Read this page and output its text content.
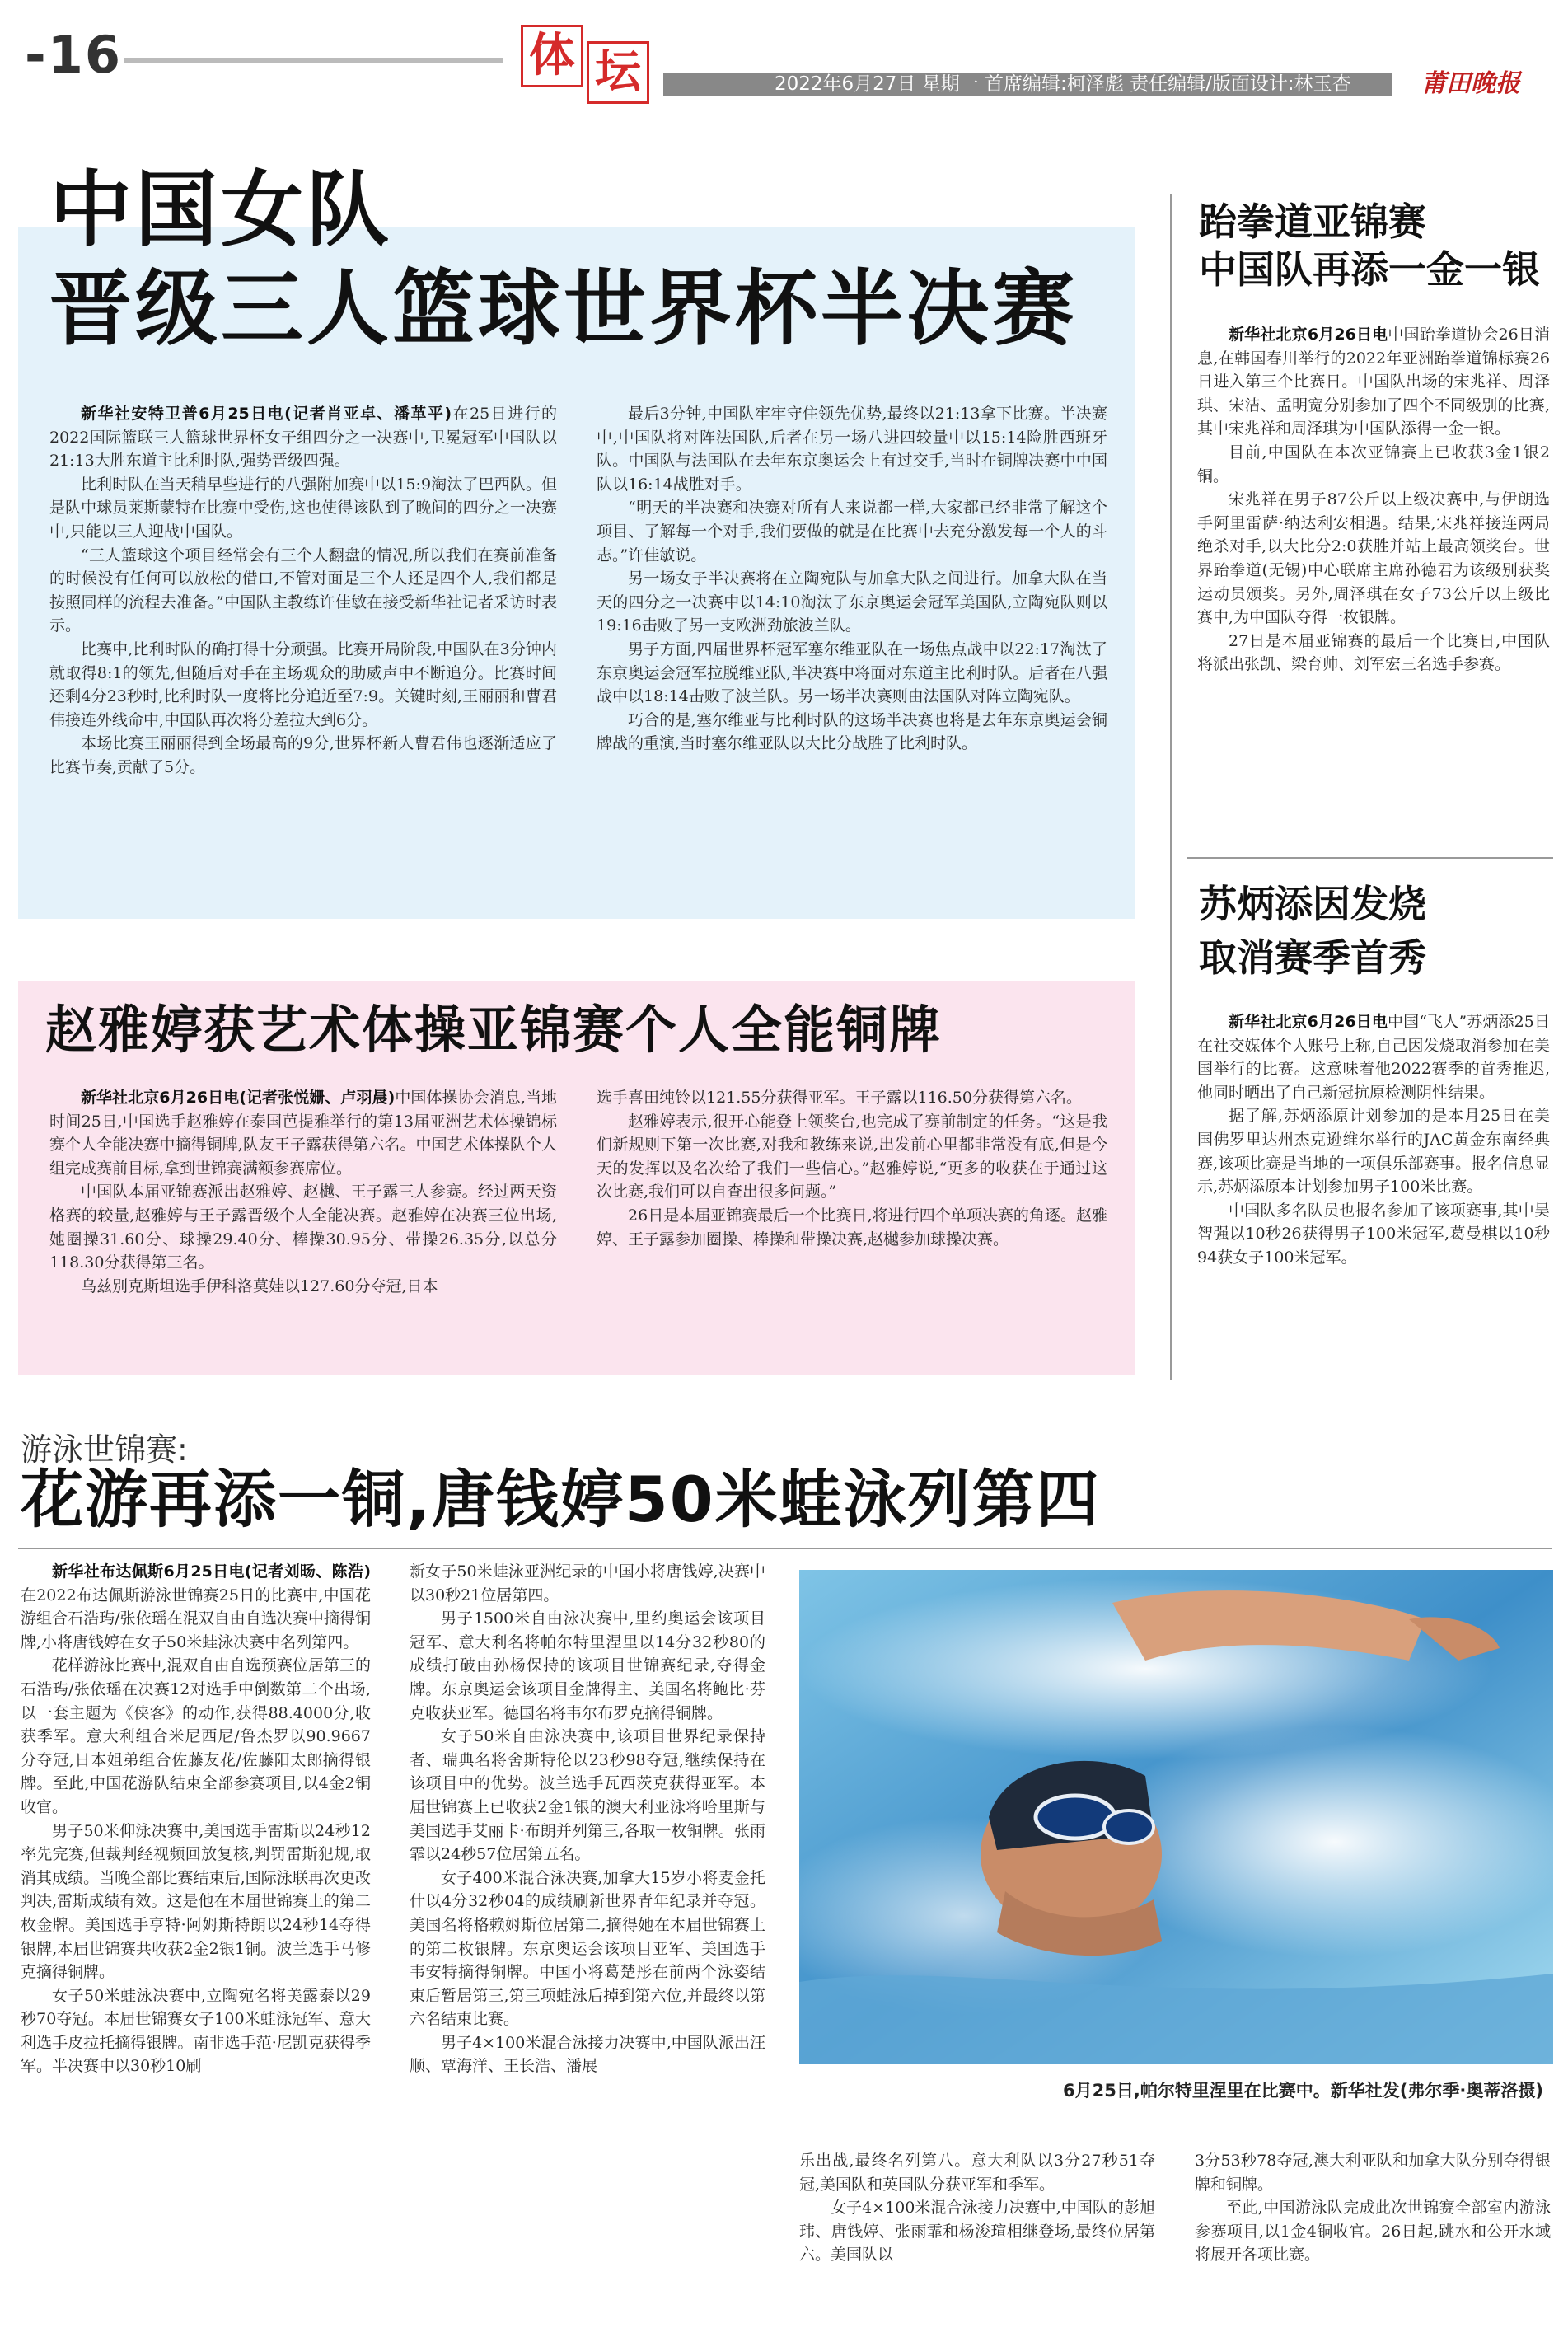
-16	体 坛	2022年6月27日 星期一 首席编辑:柯泽彪 责任编辑/版面设计:林玉杏	莆田晚报
中国女队
晋级三人篮球世界杯半决赛

新华社安特卫普6月25日电(记者肖亚卓、潘革平)在25日进行的2022国际篮联三人篮球世界杯女子组四分之一决赛中,卫冕冠军中国队以21:13大胜东道主比利时队,强势晋级四强。

比利时队在当天稍早些进行的八强附加赛中以15:9淘汰了巴西队。但是队中球员莱斯蒙特在比赛中受伤,这也使得该队到了晚间的四分之一决赛中,只能以三人迎战中国队。

“三人篮球这个项目经常会有三个人翻盘的情况,所以我们在赛前准备的时候没有任何可以放松的借口,不管对面是三个人还是四个人,我们都是按照同样的流程去准备。”中国队主教练许佳敏在接受新华社记者采访时表示。

比赛中,比利时队的确打得十分顽强。比赛开局阶段,中国队在3分钟内就取得8:1的领先,但随后对手在主场观众的助威声中不断追分。比赛时间还剩4分23秒时,比利时队一度将比分追近至7:9。关键时刻,王丽丽和曹君伟接连外线命中,中国队再次将分差拉大到6分。

本场比赛王丽丽得到全场最高的9分,世界杯新人曹君伟也逐渐适应了比赛节奏,贡献了5分。

最后3分钟,中国队牢牢守住领先优势,最终以21:13拿下比赛。半决赛中,中国队将对阵法国队,后者在另一场八进四较量中以15:14险胜西班牙队。中国队与法国队在去年东京奥运会上有过交手,当时在铜牌决赛中中国队以16:14战胜对手。

“明天的半决赛和决赛对所有人来说都一样,大家都已经非常了解这个项目、了解每一个对手,我们要做的就是在比赛中去充分激发每一个人的斗志。”许佳敏说。

另一场女子半决赛将在立陶宛队与加拿大队之间进行。加拿大队在当天的四分之一决赛中以14:10淘汰了东京奥运会冠军美国队,立陶宛队则以19:16击败了另一支欧洲劲旅波兰队。

男子方面,四届世界杯冠军塞尔维亚队在一场焦点战中以22:17淘汰了东京奥运会冠军拉脱维亚队,半决赛中将面对东道主比利时队。后者在八强战中以18:14击败了波兰队。另一场半决赛则由法国队对阵立陶宛队。

巧合的是,塞尔维亚与比利时队的这场半决赛也将是去年东京奥运会铜牌战的重演,当时塞尔维亚队以大比分战胜了比利时队。

赵雅婷获艺术体操亚锦赛个人全能铜牌

新华社北京6月26日电(记者张悦姗、卢羽晨)中国体操协会消息,当地时间25日,中国选手赵雅婷在泰国芭提雅举行的第13届亚洲艺术体操锦标赛个人全能决赛中摘得铜牌,队友王子露获得第六名。中国艺术体操队个人组完成赛前目标,拿到世锦赛满额参赛席位。

中国队本届亚锦赛派出赵雅婷、赵樾、王子露三人参赛。经过两天资格赛的较量,赵雅婷与王子露晋级个人全能决赛。赵雅婷在决赛三位出场,她圈操31.60分、球操29.40分、棒操30.95分、带操26.35分,以总分118.30分获得第三名。

乌兹别克斯坦选手伊科洛莫娃以127.60分夺冠,日本

选手喜田纯铃以121.55分获得亚军。王子露以116.50分获得第六名。

赵雅婷表示,很开心能登上领奖台,也完成了赛前制定的任务。“这是我们新规则下第一次比赛,对我和教练来说,出发前心里都非常没有底,但是今天的发挥以及名次给了我们一些信心。”赵雅婷说,“更多的收获在于通过这次比赛,我们可以自查出很多问题。”

26日是本届亚锦赛最后一个比赛日,将进行四个单项决赛的角逐。赵雅婷、王子露参加圈操、棒操和带操决赛,赵樾参加球操决赛。

跆拳道亚锦赛
中国队再添一金一银

新华社北京6月26日电中国跆拳道协会26日消息,在韩国春川举行的2022年亚洲跆拳道锦标赛26日进入第三个比赛日。中国队出场的宋兆祥、周泽琪、宋洁、孟明宽分别参加了四个不同级别的比赛,其中宋兆祥和周泽琪为中国队添得一金一银。

目前,中国队在本次亚锦赛上已收获3金1银2铜。

宋兆祥在男子87公斤以上级决赛中,与伊朗选手阿里雷萨·纳达利安相遇。结果,宋兆祥接连两局绝杀对手,以大比分2:0获胜并站上最高领奖台。世界跆拳道(无锡)中心联席主席孙德君为该级别获奖运动员颁奖。另外,周泽琪在女子73公斤以上级比赛中,为中国队夺得一枚银牌。

27日是本届亚锦赛的最后一个比赛日,中国队将派出张凯、梁育帅、刘军宏三名选手参赛。

苏炳添因发烧
取消赛季首秀

新华社北京6月26日电中国“飞人”苏炳添25日在社交媒体个人账号上称,自己因发烧取消参加在美国举行的比赛。这意味着他2022赛季的首秀推迟,他同时晒出了自己新冠抗原检测阴性结果。

据了解,苏炳添原计划参加的是本月25日在美国佛罗里达州杰克逊维尔举行的JAC黄金东南经典赛,该项比赛是当地的一项俱乐部赛事。报名信息显示,苏炳添原本计划参加男子100米比赛。

中国队多名队员也报名参加了该项赛事,其中吴智强以10秒26获得男子100米冠军,葛曼棋以10秒94获女子100米冠军。

游泳世锦赛:
花游再添一铜,唐钱婷50米蛙泳列第四

新华社布达佩斯6月25日电(记者刘旸、陈浩)在2022布达佩斯游泳世锦赛25日的比赛中,中国花游组合石浩玙/张依瑶在混双自由自选决赛中摘得铜牌,小将唐钱婷在女子50米蛙泳决赛中名列第四。

花样游泳比赛中,混双自由自选预赛位居第三的石浩玙/张依瑶在决赛12对选手中倒数第二个出场,以一套主题为《侠客》的动作,获得88.4000分,收获季军。意大利组合米尼西尼/鲁杰罗以90.9667分夺冠,日本姐弟组合佐藤友花/佐藤阳太郎摘得银牌。至此,中国花游队结束全部参赛项目,以4金2铜收官。

男子50米仰泳决赛中,美国选手雷斯以24秒12率先完赛,但裁判经视频回放复核,判罚雷斯犯规,取消其成绩。当晚全部比赛结束后,国际泳联再次更改判决,雷斯成绩有效。这是他在本届世锦赛上的第二枚金牌。美国选手亨特·阿姆斯特朗以24秒14夺得银牌,本届世锦赛共收获2金2银1铜。波兰选手马修克摘得铜牌。

女子50米蛙泳决赛中,立陶宛名将美露泰以29秒70夺冠。本届世锦赛女子100米蛙泳冠军、意大利选手皮拉托摘得银牌。南非选手范·尼凯克获得季军。半决赛中以30秒10刷

新女子50米蛙泳亚洲纪录的中国小将唐钱婷,决赛中以30秒21位居第四。

男子1500米自由泳决赛中,里约奥运会该项目冠军、意大利名将帕尔特里涅里以14分32秒80的成绩打破由孙杨保持的该项目世锦赛纪录,夺得金牌。东京奥运会该项目金牌得主、美国名将鲍比·芬克收获亚军。德国名将韦尔布罗克摘得铜牌。

女子50米自由泳决赛中,该项目世界纪录保持者、瑞典名将舍斯特伦以23秒98夺冠,继续保持在该项目中的优势。波兰选手瓦西茨克获得亚军。本届世锦赛上已收获2金1银的澳大利亚泳将哈里斯与美国选手艾丽卡·布朗并列第三,各取一枚铜牌。张雨霏以24秒57位居第五名。

女子400米混合泳决赛,加拿大15岁小将麦金托什以4分32秒04的成绩刷新世界青年纪录并夺冠。美国名将格赖姆斯位居第二,摘得她在本届世锦赛上的第二枚银牌。东京奥运会该项目亚军、美国选手韦安特摘得铜牌。中国小将葛楚彤在前两个泳姿结束后暂居第三,第三项蛙泳后掉到第六位,并最终以第六名结束比赛。

男子4×100米混合泳接力决赛中,中国队派出汪顺、覃海洋、王长浩、潘展

乐出战,最终名列第八。意大利队以3分27秒51夺冠,美国队和英国队分获亚军和季军。

女子4×100米混合泳接力决赛中,中国队的彭旭玮、唐钱婷、张雨霏和杨浚瑄相继登场,最终位居第六。美国队以

3分53秒78夺冠,澳大利亚队和加拿大队分别夺得银牌和铜牌。

至此,中国游泳队完成此次世锦赛全部室内游泳参赛项目,以1金4铜收官。26日起,跳水和公开水域将展开各项比赛。

6月25日,帕尔特里涅里在比赛中。新华社发(弗尔季·奥蒂洛摄)
